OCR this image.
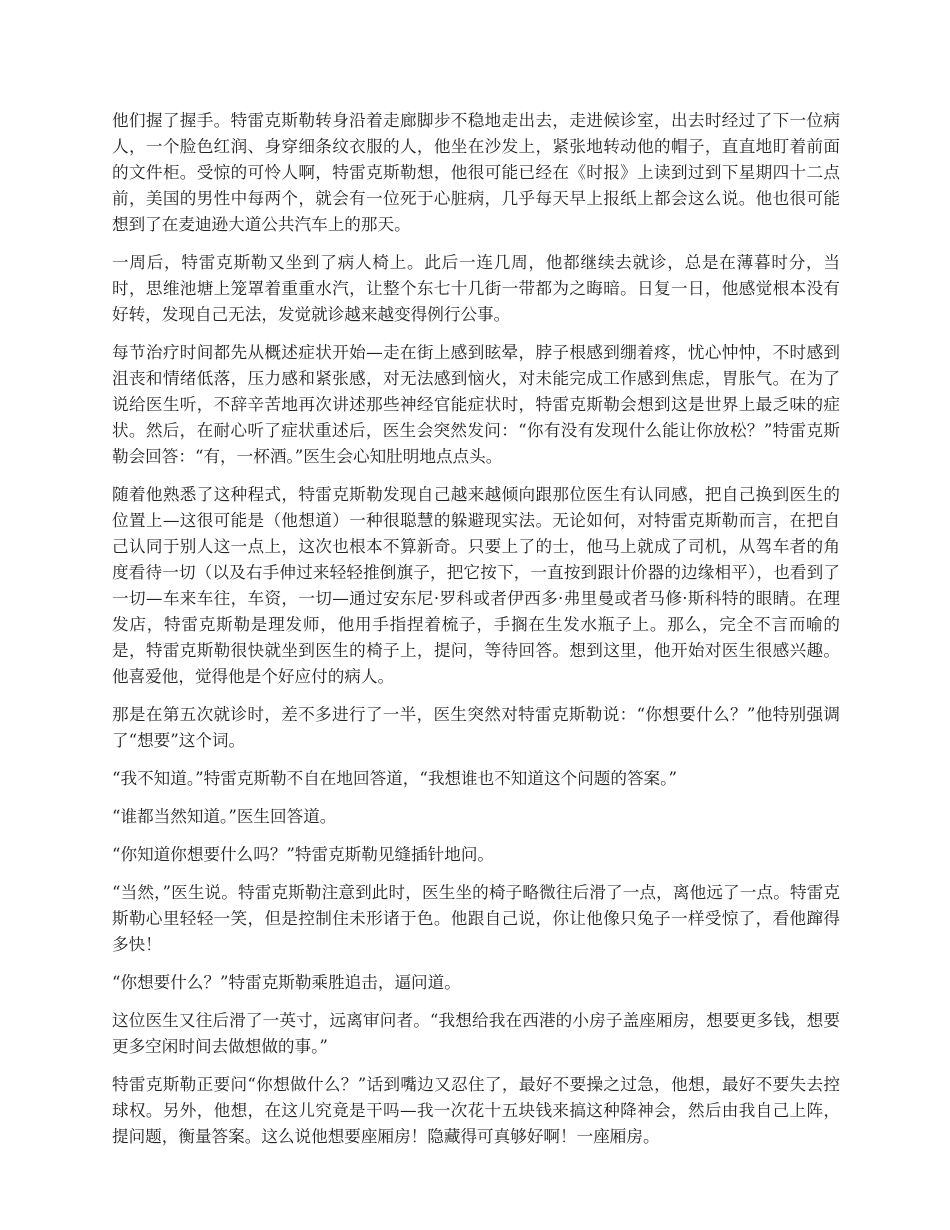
他们握了握手。特雷克斯勒转身沿着走廊脚步不稳地走出去，走进候诊室，出去时经过了下一位病人，一个脸色红润、身穿细条纹衣服的人，他坐在沙发上，紧张地转动他的帽子，直直地盯着前面的文件柜。受惊的可怜人啊，特雷克斯勒想，他很可能已经在《时报》上读到过到下星期四十二点前，美国的男性中每两个，就会有一位死于心脏病，几乎每天早上报纸上都会这么说。他也很可能想到了在麦迪逊大道公共汽车上的那天。

一周后，特雷克斯勒又坐到了病人椅上。此后一连几周，他都继续去就诊，总是在薄暮时分，当时，思维池塘上笼罩着重重水汽，让整个东七十几街一带都为之晦暗。日复一日，他感觉根本没有好转，发现自己无法，发觉就诊越来越变得例行公事。

每节治疗时间都先从概述症状开始—走在街上感到眩晕，脖子根感到绷着疼，忧心忡忡，不时感到沮丧和情绪低落，压力感和紧张感，对无法感到恼火，对未能完成工作感到焦虑，胃胀气。在为了说给医生听，不辞辛苦地再次讲述那些神经官能症状时，特雷克斯勒会想到这是世界上最乏味的症状。然后，在耐心听了症状重述后，医生会突然发问：“你有没有发现什么能让你放松？”特雷克斯勒会回答：“有，一杯酒。”医生会心知肚明地点点头。

随着他熟悉了这种程式，特雷克斯勒发现自己越来越倾向跟那位医生有认同感，把自己换到医生的位置上—这很可能是（他想道）一种很聪慧的躲避现实法。无论如何，对特雷克斯勒而言，在把自己认同于别人这一点上，这次也根本不算新奇。只要上了的士，他马上就成了司机，从驾车者的角度看待一切（以及右手伸过来轻轻推倒旗子，把它按下，一直按到跟计价器的边缘相平），也看到了一切—车来车往，车资，一切—通过安东尼·罗科或者伊西多·弗里曼或者马修·斯科特的眼睛。在理发店，特雷克斯勒是理发师，他用手指捏着梳子，手搁在生发水瓶子上。那么，完全不言而喻的是，特雷克斯勒很快就坐到医生的椅子上，提问，等待回答。想到这里，他开始对医生很感兴趣。他喜爱他，觉得他是个好应付的病人。

那是在第五次就诊时，差不多进行了一半，医生突然对特雷克斯勒说：“你想要什么？”他特别强调了“想要”这个词。

“我不知道。”特雷克斯勒不自在地回答道，“我想谁也不知道这个问题的答案。”

“谁都当然知道。”医生回答道。

“你知道你想要什么吗？”特雷克斯勒见缝插针地问。

“当然，”医生说。特雷克斯勒注意到此时，医生坐的椅子略微往后滑了一点，离他远了一点。特雷克斯勒心里轻轻一笑，但是控制住未形诸于色。他跟自己说，你让他像只兔子一样受惊了，看他蹿得多快！

“你想要什么？”特雷克斯勒乘胜追击，逼问道。

这位医生又往后滑了一英寸，远离审问者。“我想给我在西港的小房子盖座厢房，想要更多钱，想要更多空闲时间去做想做的事。”

特雷克斯勒正要问“你想做什么？”话到嘴边又忍住了，最好不要操之过急，他想，最好不要失去控球权。另外，他想，在这儿究竟是干吗—我一次花十五块钱来搞这种降神会，然后由我自己上阵，提问题，衡量答案。这么说他想要座厢房！隐藏得可真够好啊！一座厢房。
